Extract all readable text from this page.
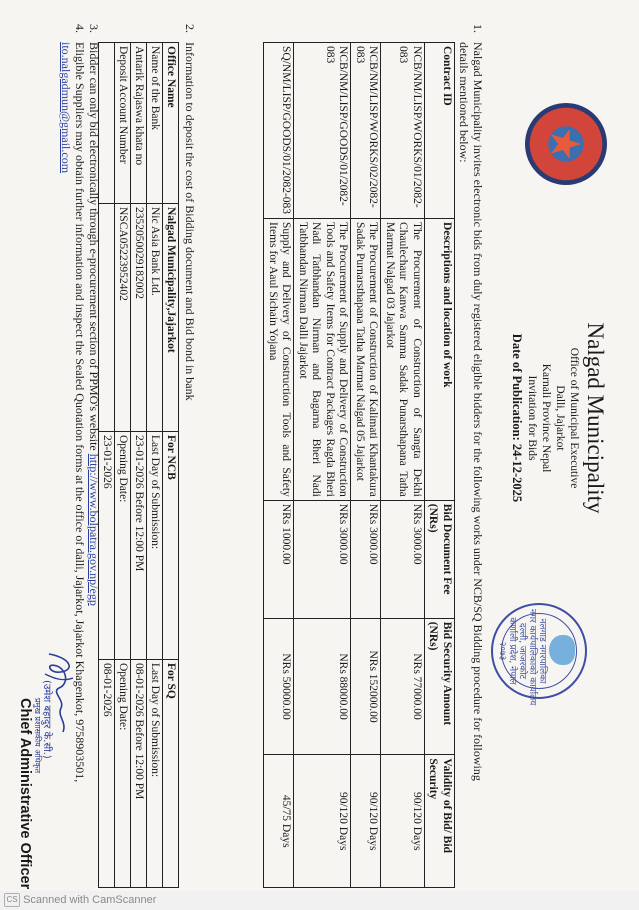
नलगाड नगरपालिका
नगर कार्यपालिकाको कार्यालय
दल्ली, जाजरकोट
कर्णाली प्रदेश, नेपाल
२०७३
Nalgad Municipality
Office of Municipal Executive
Dalli, Jajarkot
Karnali Province Nepal
Invitation for Bids
Date of Publication: 24-12-2025
1.Nalgad Municipality invites electronic bids from duly registered eligible bidders for the following works under NCB/SQ Bidding procedure for following
details mentioned below:
Contract ID	Descriptions and location of work	Bid Document Fee (NRs)	Bid Security Amount (NRs)	Validity of Bid/ Bid Security
NCB/NM/LISP/WORKS/01/2082-083	The Procurement of Construction of Sangta Dekhi Chaulechaur Kanwa Samma Sadak Punarsthapana Tatha Marmat Nalgad 03 Jajarkot	NRs 3000.00	NRs 77000.00	90/120 Days
NCB/NM/LISP/WORKS/02/2082-083	The Procurement of Construction of Kalimati Khantakura Sadak Purnarsthapana Tatha Marmat Nalgad 05 Jajarkot	NRs 3000.00	NRs 152000.00	90/120 Days
NCB/NM/LISP/GOODS/01/2082-083	The Procurement of Supply and Delivery of Construction Tools and Safety Items for Contract Packages Ragda Bheri Nadi Tatbhandan Nirman and Bagarna Bheri Nadi Tatbhandan Nirman Dalli Jajarkot	NRs 3000.00	NRs 88000.00	90/120 Days
SQ/NM/LISP/GOODS/01/2082-083	Supply and Delivery of Construction Tools and Safety Items for Aaul Sichain Yojana	NRs 1000.00	NRs 50000.00	45/75 Days
2.Information to deposit the cost of Bidding document and Bid bond in bank
Office Name	Nalgad Municipality,Jajarkot	For NCB	For SQ
Name of the Bank	Nic Asia Bank Ltd.	Last Day of Submission:	Last Day of Submission:
Antarik Rajaswa khata no	2352050029182002	23-01-2026 Before 12:00 PM	08-01-2026 Before 12:00 PM
Deposit Account Number	NSCA05223952402	Opening Date:	Opening Date:
		23-01-2026	08-01-2026
3.Bidder can only bid electronically through e-procurement section of PPMO's website http://www.bolpatra.gov.np/egp
4.Eligible Suppliers may obtain further information and inspect the Sealed Quotation forms at the office of dalli, Jajarkot, Jajarkot Khagenkot, 9758903501,
ito.nalgadmun@gmail.com
(उमेश बहादुर के.सी.)
प्रमुख प्रशासकीय अधिकृत
Chief Administrative Officer
CS Scanned with CamScanner
